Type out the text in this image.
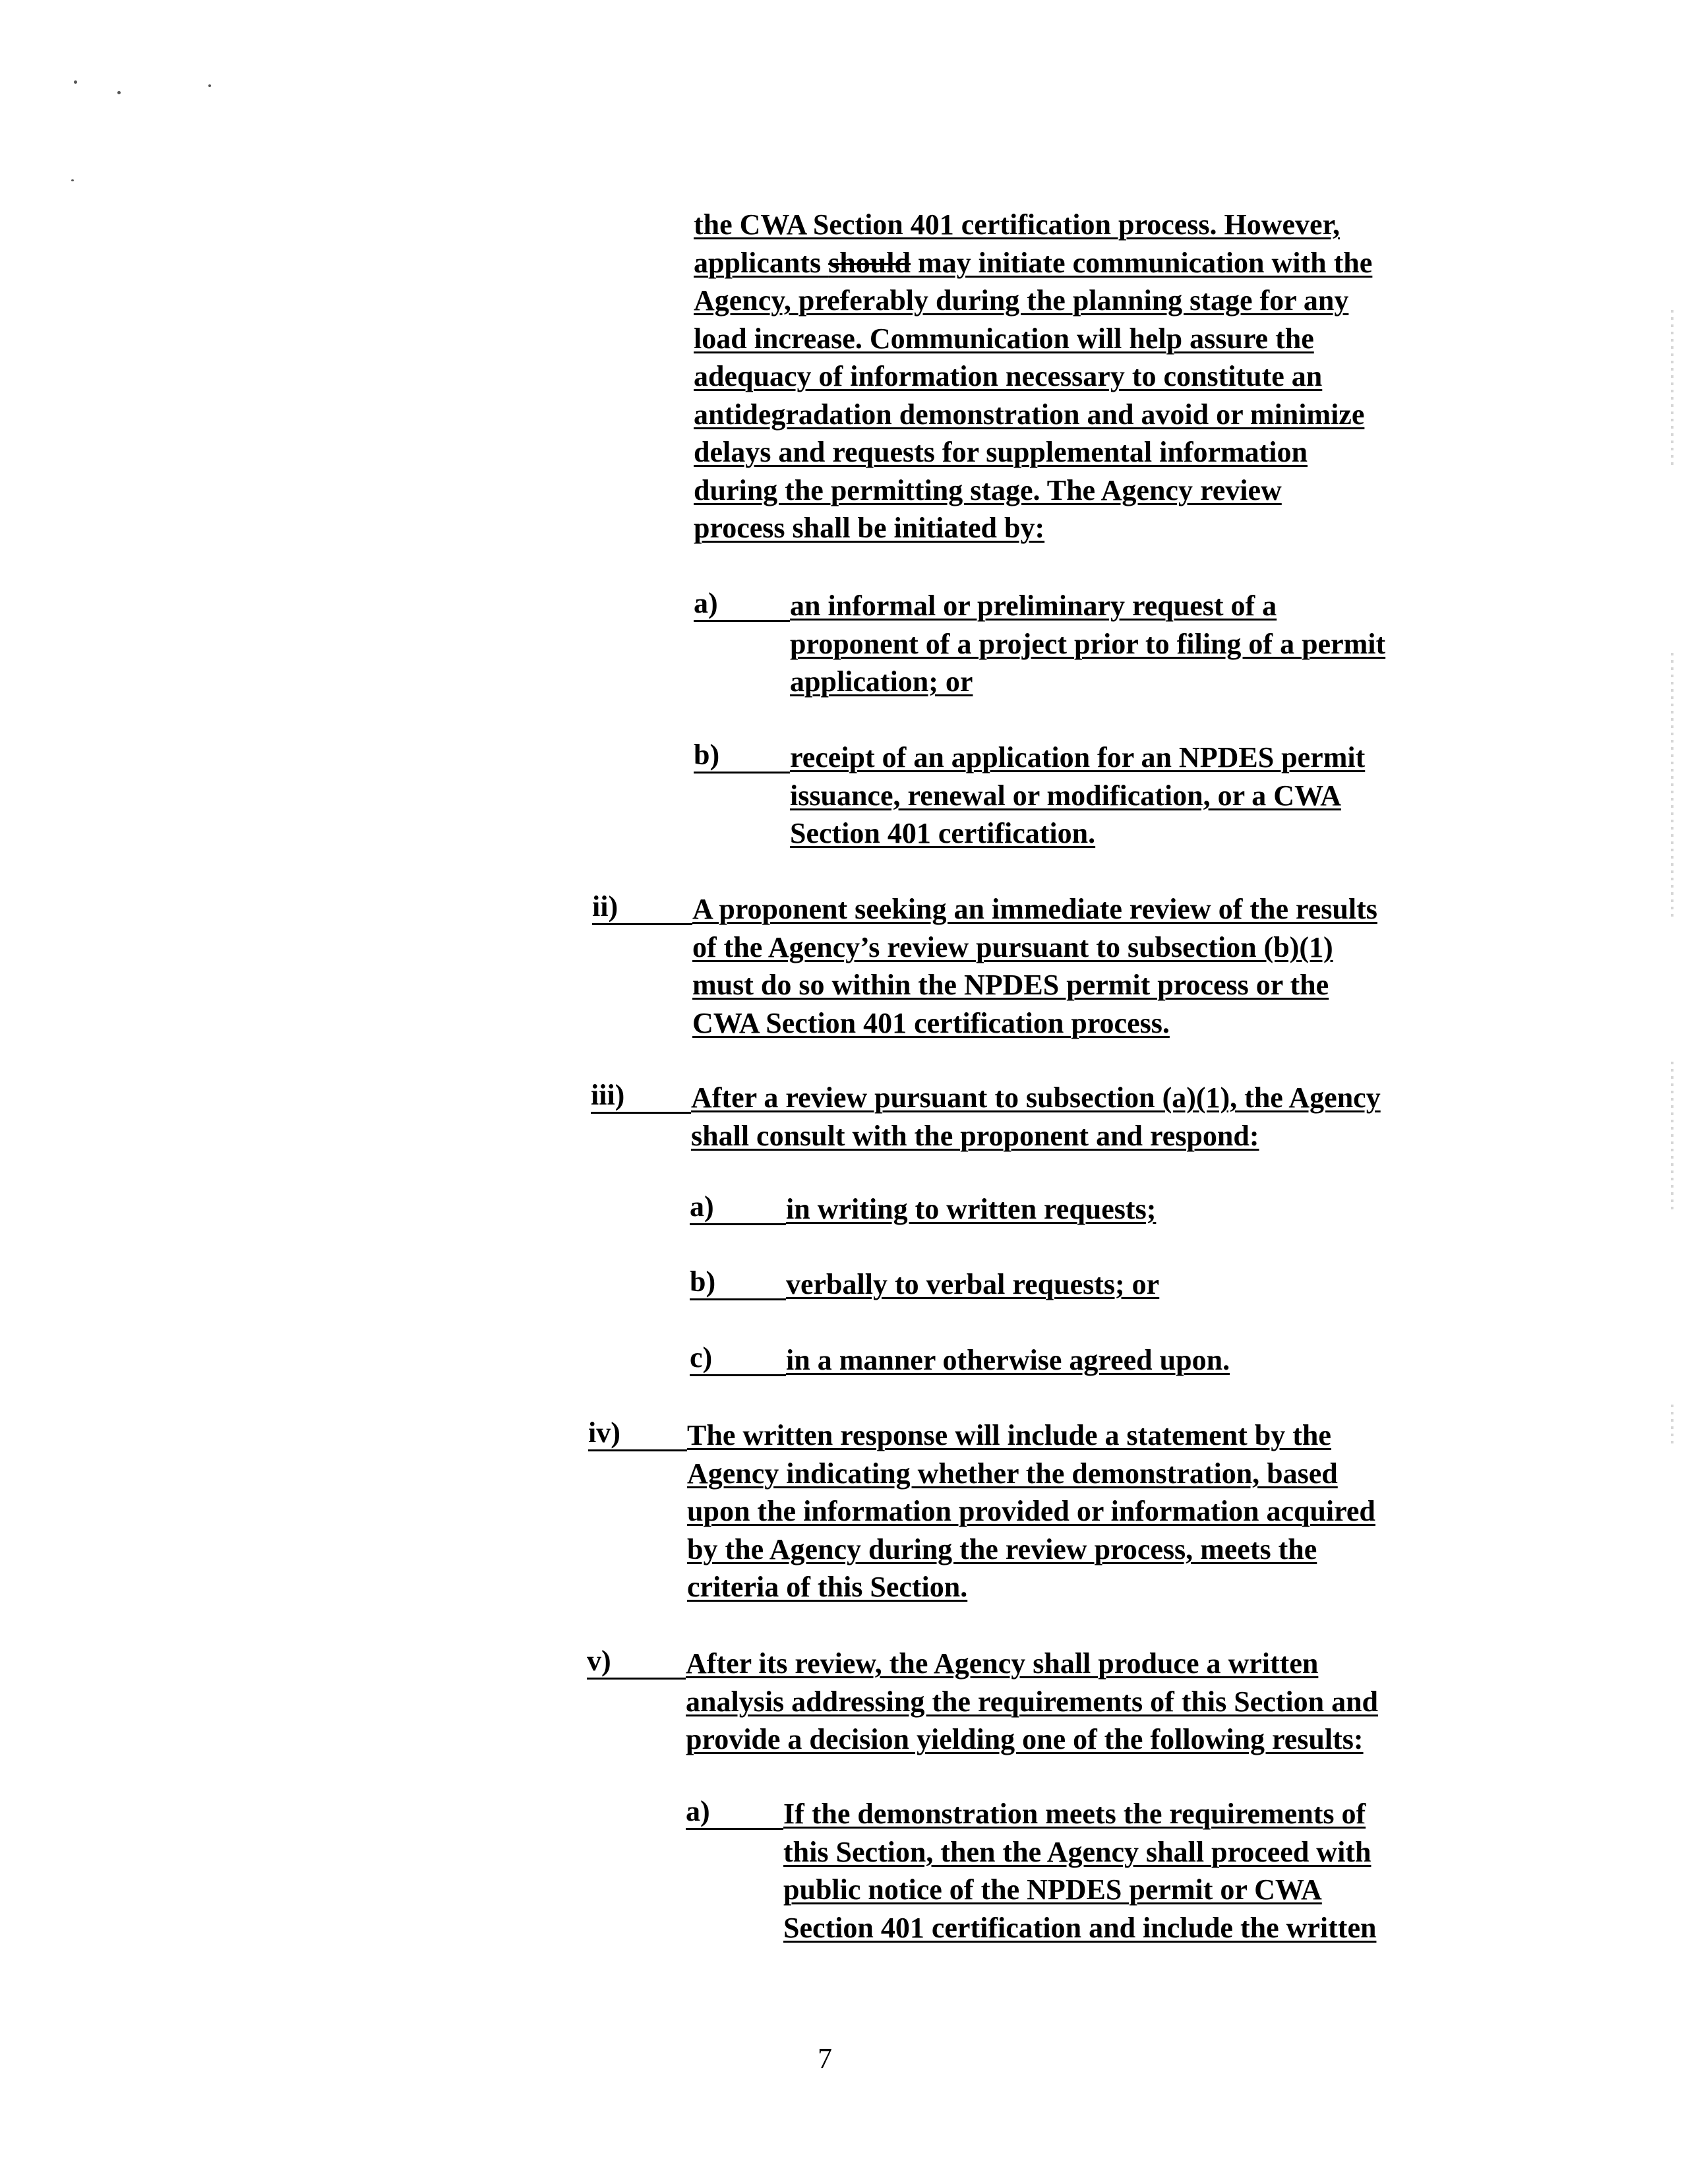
the CWA Section 401 certification process. However,
applicants should may initiate communication with the
Agency, preferably during the planning stage for any
load increase. Communication will help assure the
adequacy of information necessary to constitute an
antidegradation demonstration and avoid or minimize
delays and requests for supplemental information
during the permitting stage. The Agency review
process shall be initiated by:
a)	an informal or preliminary request of a
proponent of a project prior to filing of a permit
application; or
b)	receipt of an application for an NPDES permit
issuance, renewal or modification, or a CWA
Section 401 certification.
ii)	A proponent seeking an immediate review of the results
of the Agency’s review pursuant to subsection (b)(1)
must do so within the NPDES permit process or the
CWA Section 401 certification process.
iii)	After a review pursuant to subsection (a)(1), the Agency
shall consult with the proponent and respond:
a)	in writing to written requests;
b)	verbally to verbal requests; or
c)	in a manner otherwise agreed upon.
iv)	The written response will include a statement by the
Agency indicating whether the demonstration, based
upon the information provided or information acquired
by the Agency during the review process, meets the
criteria of this Section.
v)	After its review, the Agency shall produce a written
analysis addressing the requirements of this Section and
provide a decision yielding one of the following results:
a)	If the demonstration meets the requirements of
this Section, then the Agency shall proceed with
public notice of the NPDES permit or CWA
Section 401 certification and include the written
7
